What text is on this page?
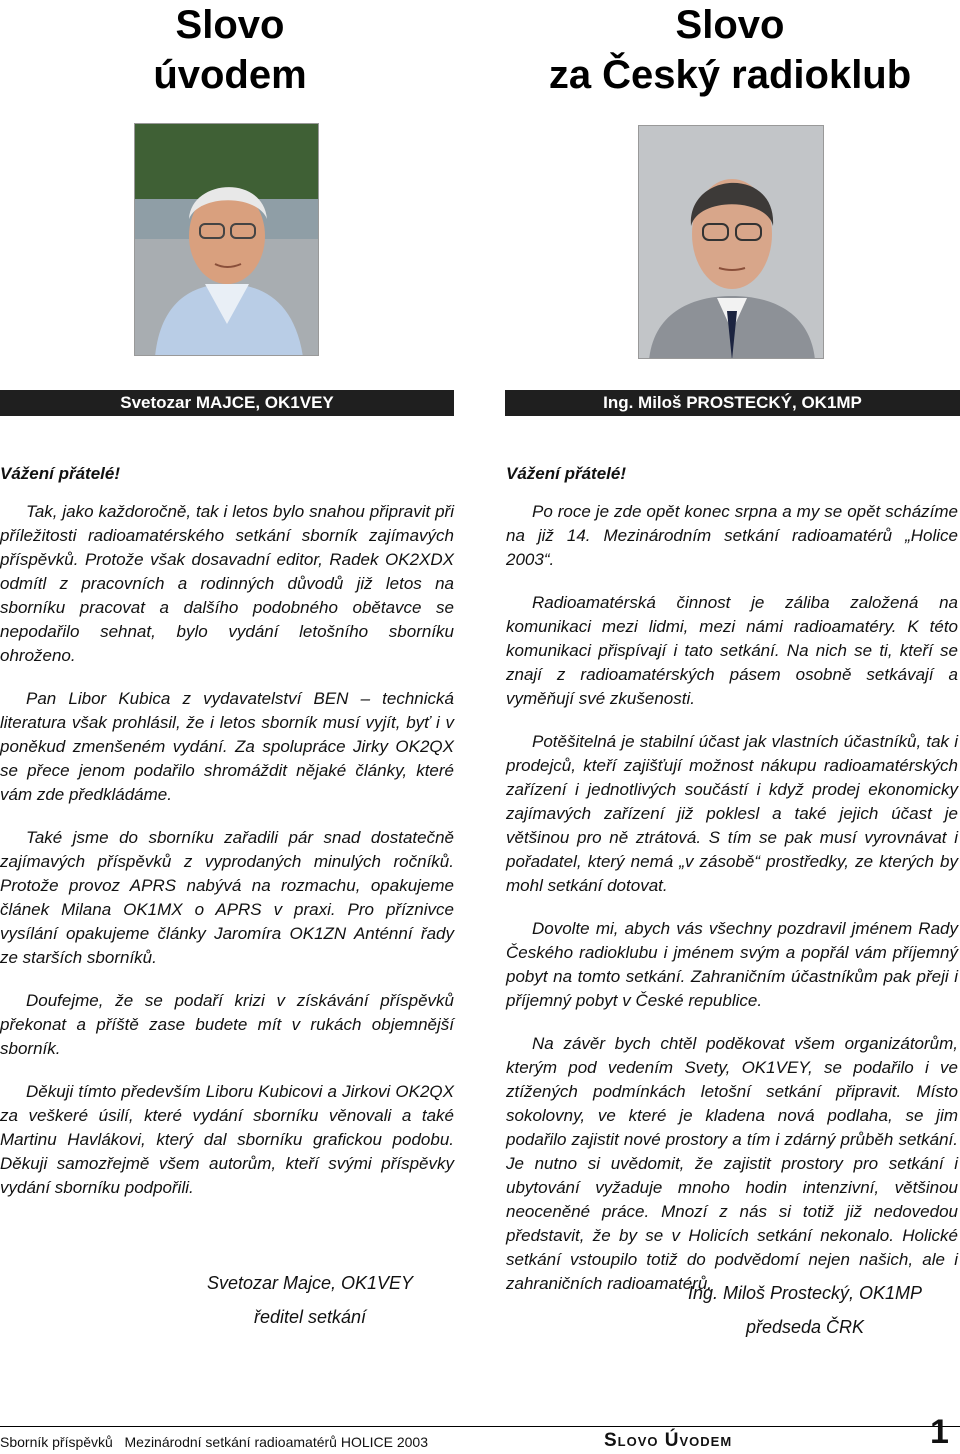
Slovo
úvodem
Slovo
za Český radioklub
Svetozar MAJCE, OK1VEY	Ing. Miloš PROSTECKÝ, OK1MP
Vážení přátelé!

Tak, jako každoročně, tak i letos bylo snahou připravit při příležitosti radioamatérského setkání sborník zajímavých příspěvků. Protože však dosavadní editor, Radek OK2XDX odmítl z pracovních a rodinných důvodů již letos na sborníku pracovat a dalšího podobného obětavce se nepodařilo sehnat, bylo vydání letošního sborníku ohroženo.

Pan Libor Kubica z vydavatelství BEN – technická literatura však prohlásil, že i letos sborník musí vyjít, byť i v poněkud zmenšeném vydání. Za spolupráce Jirky OK2QX se přece jenom podařilo shromáždit nějaké články, které vám zde předkládáme.

Také jsme do sborníku zařadili pár snad dostatečně zajímavých příspěvků z vyprodaných minulých ročníků. Protože provoz APRS nabývá na rozmachu, opakujeme článek Milana OK1MX o APRS v praxi. Pro příznivce vysílání opakujeme články Jaromíra OK1ZN Anténní řady ze starších sborníků.

Doufejme, že se podaří krizi v získávání příspěvků překonat a příště zase budete mít v rukách objemnější sborník.

Děkuji tímto především Liboru Kubicovi a Jirkovi OK2QX za veškeré úsilí, které vydání sborníku věnovali a také Martinu Havlákovi, který dal sborníku grafickou podobu. Děkuji samozřejmě všem autorům, kteří svými příspěvky vydání sborníku podpořili.

Vážení přátelé!

Po roce je zde opět konec srpna a my se opět scházíme na již 14. Mezinárodním setkání radioamatérů „Holice 2003“.

Radioamatérská činnost je záliba založená na komunikaci mezi lidmi, mezi námi radioamatéry. K této komunikaci přispívají i tato setkání. Na nich se ti, kteří se znají z radioamatérských pásem osobně setkávají a vyměňují své zkušenosti.

Potěšitelná je stabilní účast jak vlastních účastníků, tak i prodejců, kteří zajišťují možnost nákupu radioamatérských zařízení i jednotlivých součástí i když prodej ekonomicky zajímavých zařízení již poklesl a také jejich účast je většinou pro ně ztrátová. S tím se pak musí vyrovnávat i pořadatel, který nemá „v zásobě“ prostředky, ze kterých by mohl setkání dotovat.

Dovolte mi, abych vás všechny pozdravil jménem Rady Českého radioklubu i jménem svým a popřál vám příjemný pobyt na tomto setkání. Zahraničním účastníkům pak přeji i příjemný pobyt v České republice.

Na závěr bych chtěl poděkovat všem organizátorům, kterým pod vedením Svety, OK1VEY, se podařilo i ve ztížených podmínkách letošní setkání připravit. Místo sokolovny, ve které je kladena nová podlaha, se jim podařilo zajistit nové prostory a tím i zdárný průběh setkání. Je nutno si uvědomit, že zajistit prostory pro setkání i ubytování vyžaduje mnoho hodin intenzivní, většinou neoceněné práce. Mnozí z nás si totiž již nedovedou představit, že by se v Holicích setkání nekonalo. Holické setkání vstoupilo totiž do podvědomí nejen našich, ale i zahraničních radioamatérů.

Svetozar Majce, OK1VEY
ředitel setkání
Ing. Miloš Prostecký, OK1MP
předseda ČRK
Sborník příspěvků   Mezinárodní setkání radioamatérů HOLICE 2003	Slovo Úvodem	1
